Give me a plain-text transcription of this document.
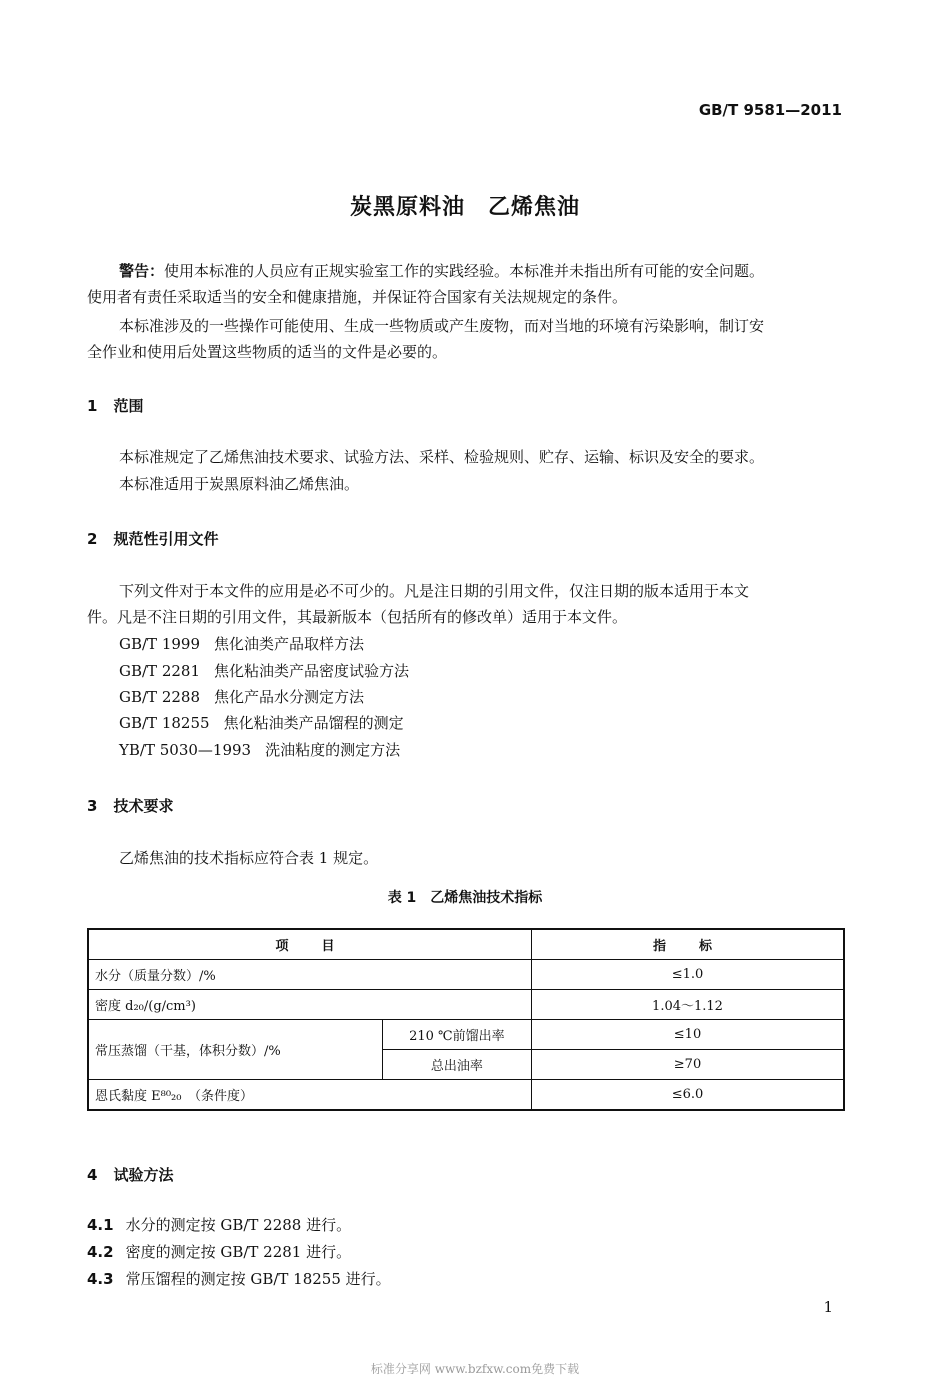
GB/T 9581—2011
炭黑原料油　乙烯焦油
警告：使用本标准的人员应有正规实验室工作的实践经验。本标准并未指出所有可能的安全问题。
使用者有责任采取适当的安全和健康措施，并保证符合国家有关法规规定的条件。
本标准涉及的一些操作可能使用、生成一些物质或产生废物，而对当地的环境有污染影响，制订安
全作业和使用后处置这些物质的适当的文件是必要的。
1 范围
本标准规定了乙烯焦油技术要求、试验方法、采样、检验规则、贮存、运输、标识及安全的要求。
本标准适用于炭黑原料油乙烯焦油。
2 规范性引用文件
下列文件对于本文件的应用是必不可少的。凡是注日期的引用文件，仅注日期的版本适用于本文
件。凡是不注日期的引用文件，其最新版本（包括所有的修改单）适用于本文件。
GB/T 1999 焦化油类产品取样方法
GB/T 2281 焦化粘油类产品密度试验方法
GB/T 2288 焦化产品水分测定方法
GB/T 18255 焦化粘油类产品馏程的测定
YB/T 5030—1993 洗油粘度的测定方法
3 技术要求
乙烯焦油的技术指标应符合表 1 规定。
表 1　乙烯焦油技术指标
项　目		指　标
水分（质量分数）/%		≤1.0
密度 d₂₀/(g/cm³)		1.04～1.12
常压蒸馏（干基，体积分数）/%	210 ℃前馏出率	≤10
	总出油率	≥70
恩氏黏度 E⁸⁰₂₀　（条件度）		≤6.0
4 试验方法
4.1 水分的测定按 GB/T 2288 进行。
4.2 密度的测定按 GB/T 2281 进行。
4.3 常压馏程的测定按 GB/T 18255 进行。
1
标准分享网 www.bzfxw.com免费下载
